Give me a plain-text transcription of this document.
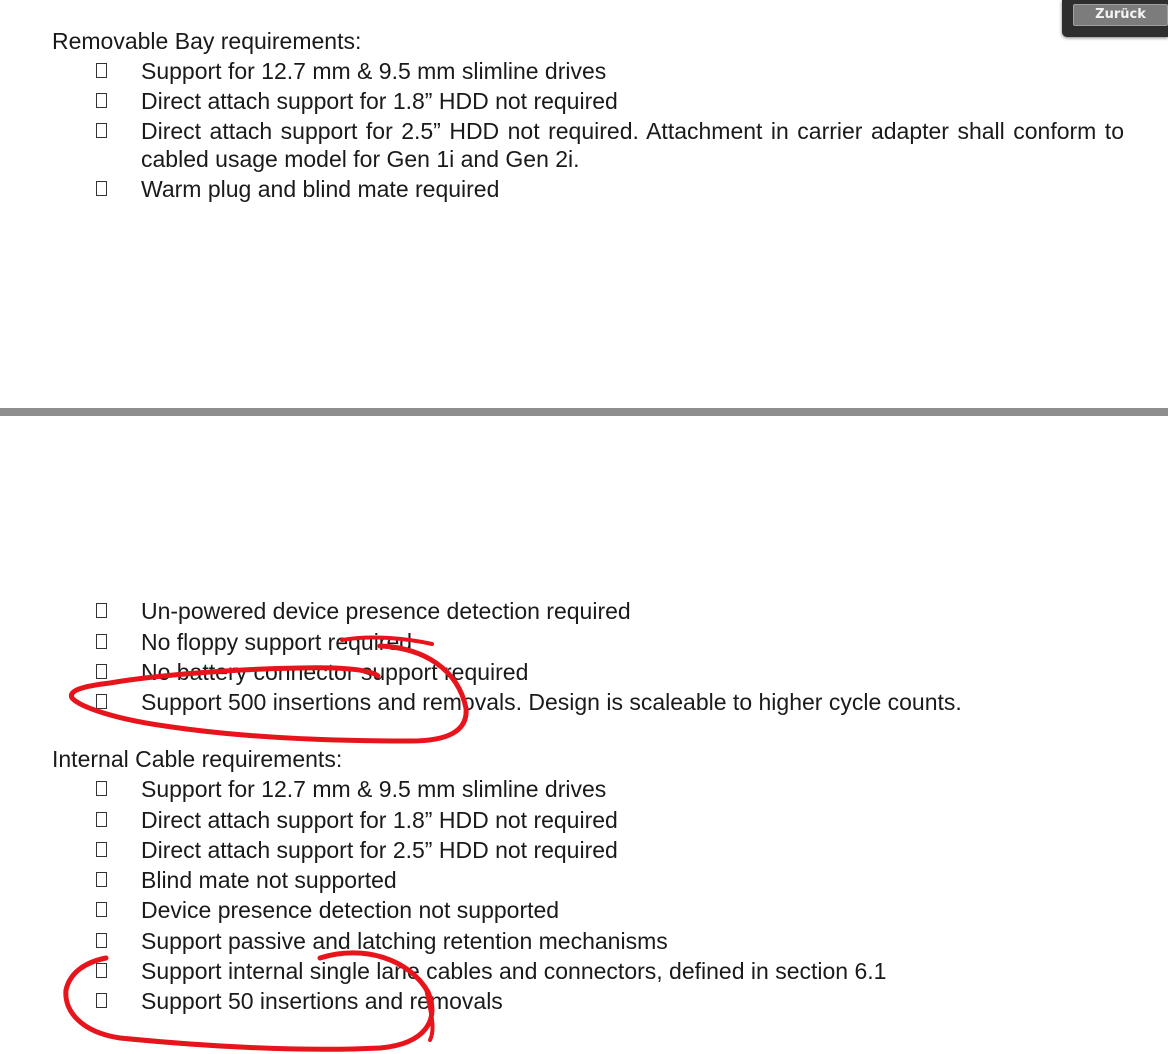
Removable Bay requirements:
Support for 12.7 mm & 9.5 mm slimline drives
Direct attach support for 1.8” HDD not required
Direct attach support for 2.5” HDD not required. Attachment in carrier adapter shall conform to cabled usage model for Gen 1i and Gen 2i.
Warm plug and blind mate required
Un-powered device presence detection required
No floppy support required
No battery connector support required
Support 500 insertions and removals. Design is scaleable to higher cycle counts.
Internal Cable requirements:
Support for 12.7 mm & 9.5 mm slimline drives
Direct attach support for 1.8” HDD not required
Direct attach support for 2.5” HDD not required
Blind mate not supported
Device presence detection not supported
Support passive and latching retention mechanisms
Support internal single lane cables and connectors, defined in section 6.1
Support 50 insertions and removals
Zurück
